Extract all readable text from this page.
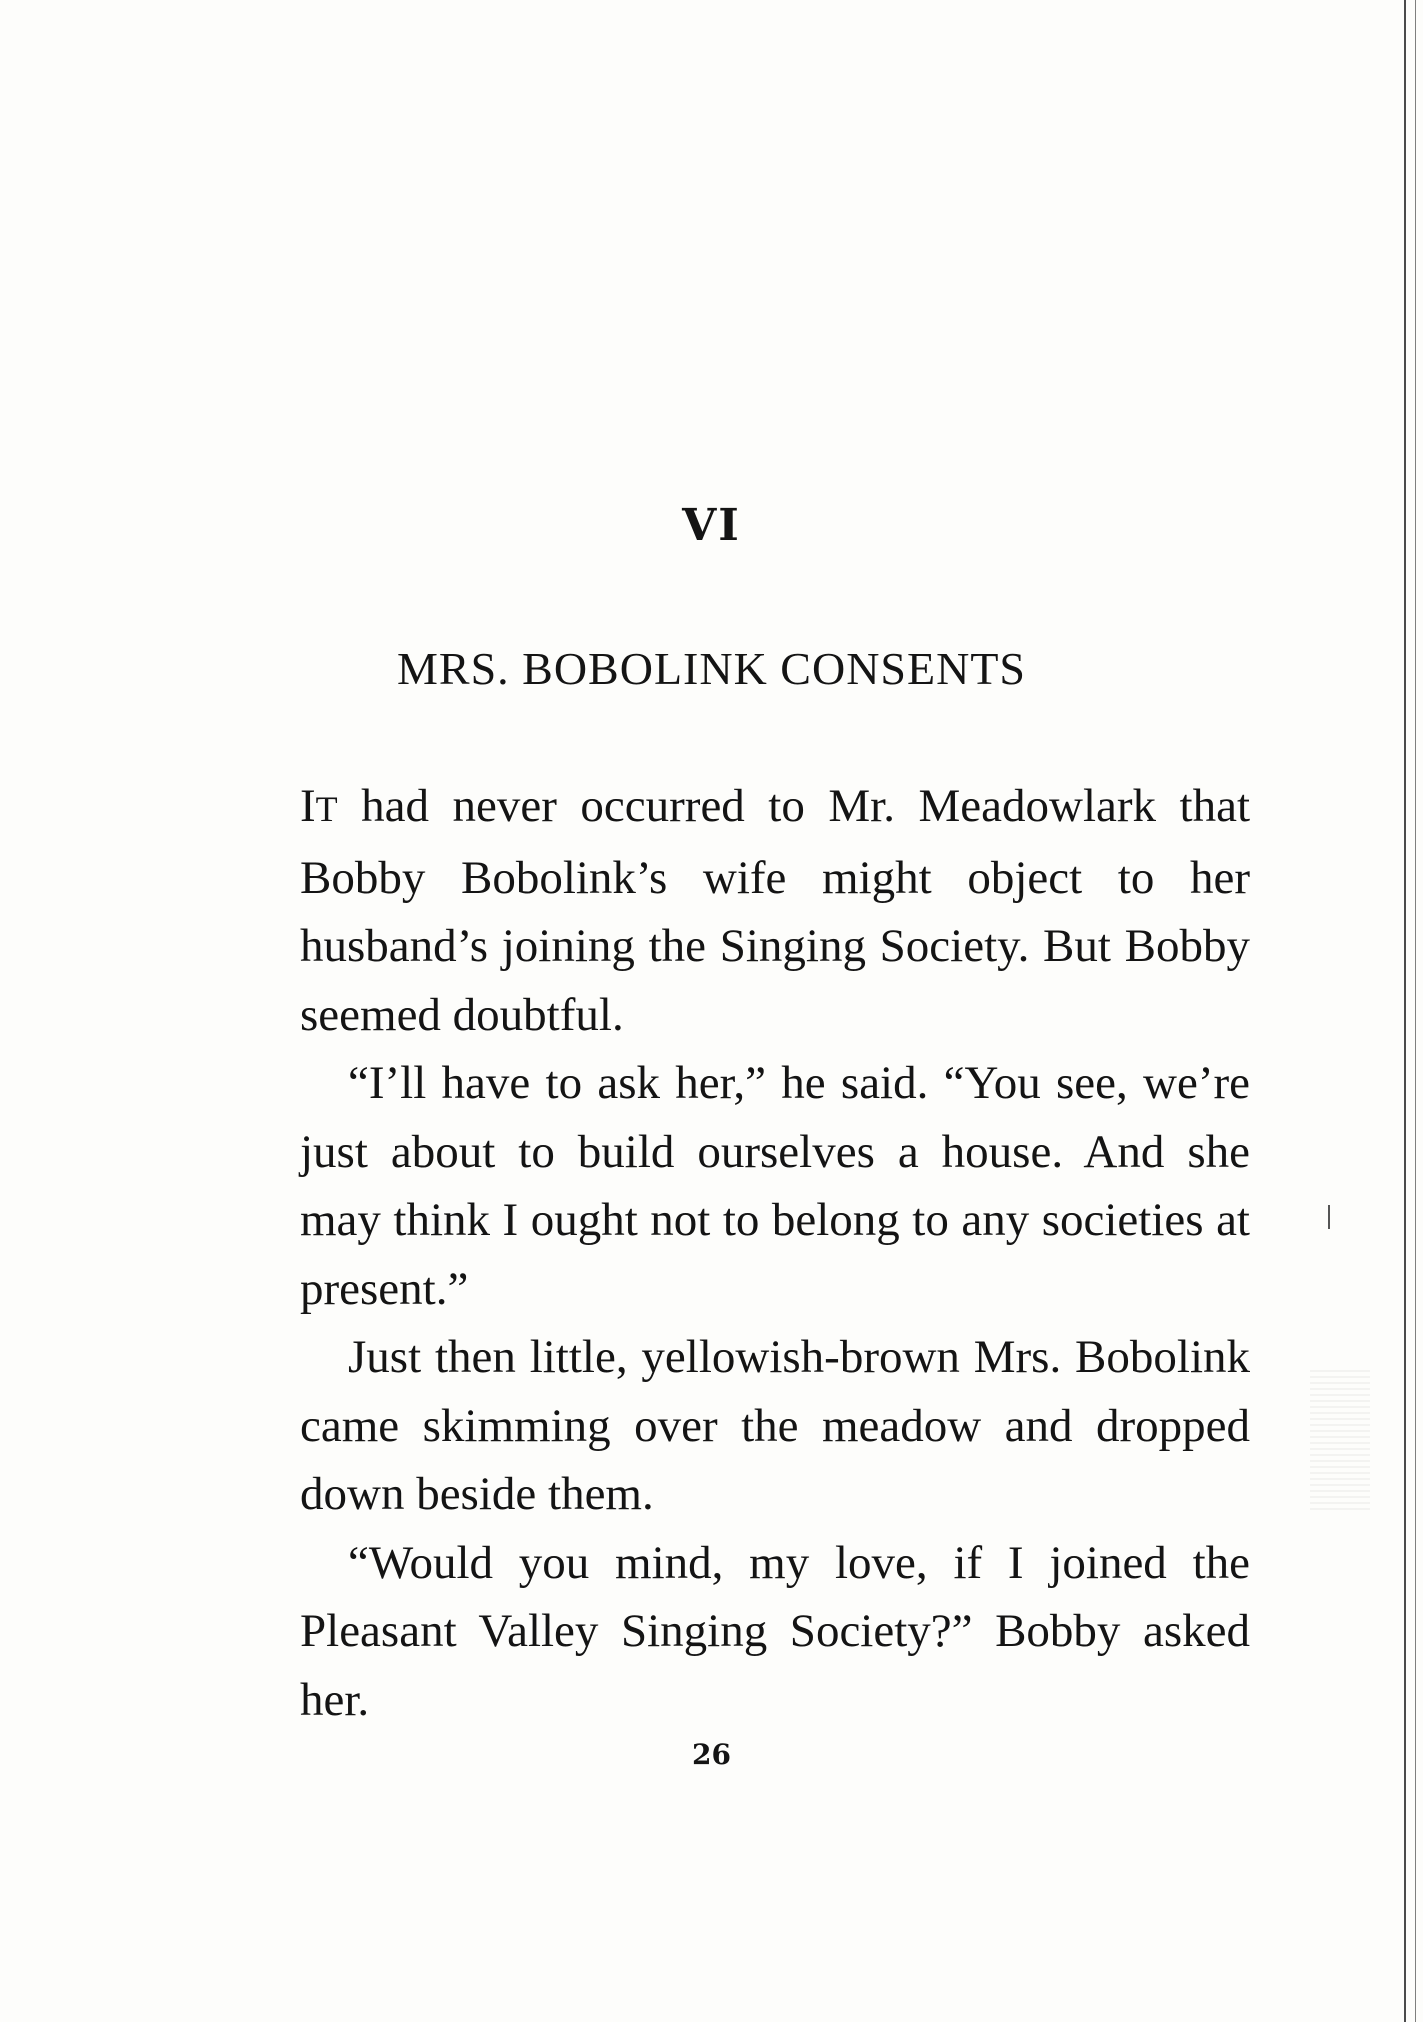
VI
MRS. BOBOLINK CONSENTS

IT had never occurred to Mr. Meadowlark that Bobby Bobolink’s wife might object to her husband’s joining the Singing Society. But Bobby seemed doubtful.

“I’ll have to ask her,” he said. “You see, we’re just about to build ourselves a house. And she may think I ought not to belong to any societies at present.”

Just then little, yellowish-brown Mrs. Bobolink came skimming over the meadow and dropped down beside them.

“Would you mind, my love, if I joined the Pleasant Valley Singing Society?” Bobby asked her.

26
